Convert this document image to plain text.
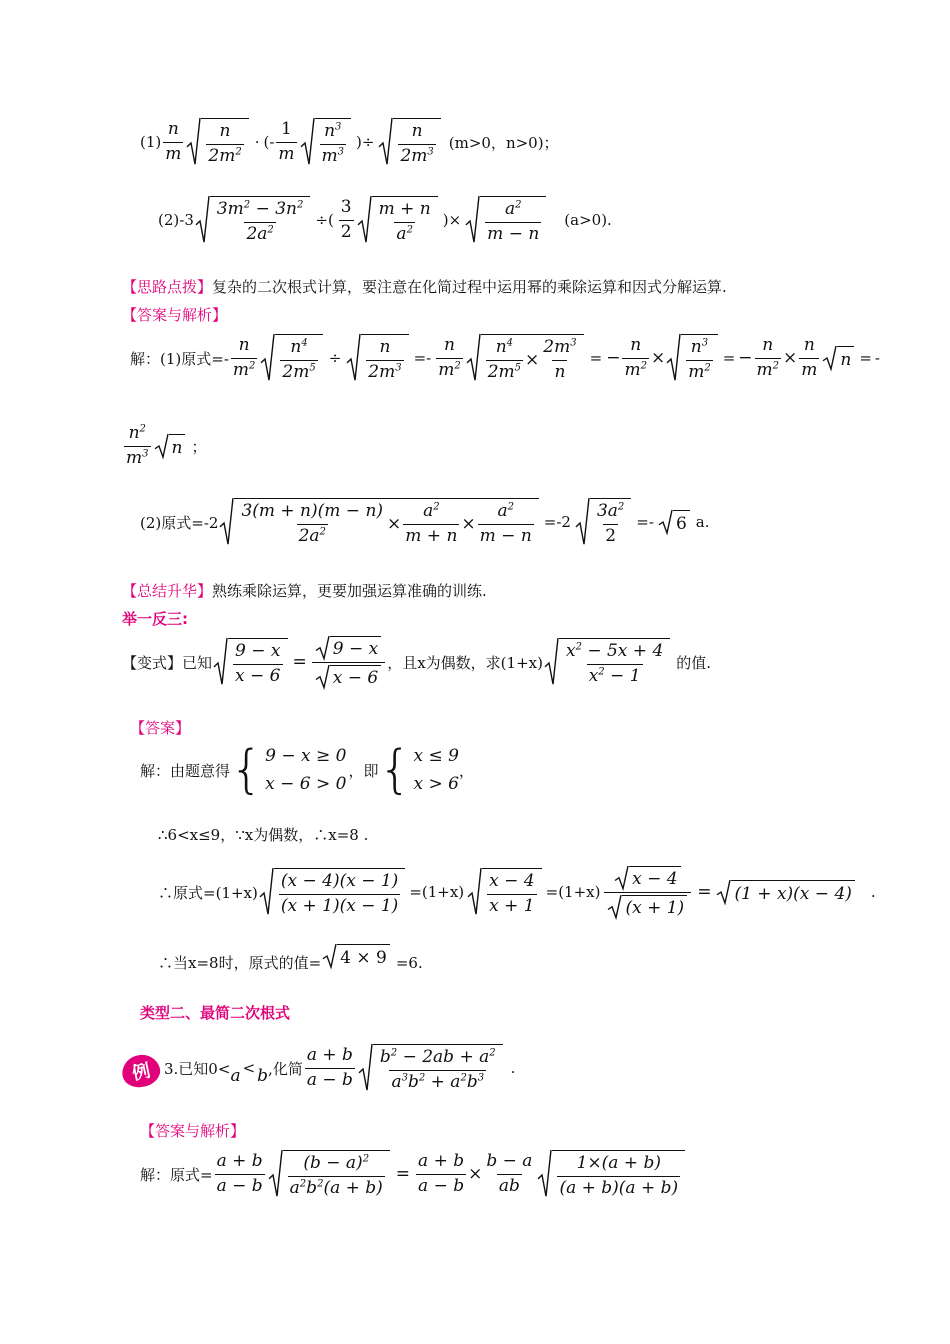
$(1) \frac{n}{m} \frac{n}{2m^2}$ · (- $\frac{1}{m} \frac{n^3}{m^3}$ )÷ $\frac{n}{2m^3} (m>0$，n>0)；
$(2)-3 \frac{3m^2 - 3n^2}{2a^2}$ ÷( $\frac{3}{2} \frac{m + n}{a^2}$ )× $\frac{a^2}{m - n} (a>0)$.
【思路点拨】 复杂的二次根式计算，要注意在化简过程中运用幂的乘除运算和因式分解运算.
【答案与解析】
解：(1)原式=- $\frac{n}{m^2} \frac{n^4}{2m^5} \div \frac{n}{2m^3} =- \frac{n}{m^2} \frac{n^4}{2m^5} \times \frac{2m^3}{n}$ = − $\frac{n}{m^2} \times \frac{n^3}{m^2}$ = − $\frac{n}{m^2} \times \frac{n}{m}$ n = -
$\frac{n^2}{m^3}$ n ；
(2)原式$=-2 \frac{3(m + n)(m - n)}{2a^2} \times \frac{a^2}{m + n} \times \frac{a^2}{m - n} =-2 \frac{3a^2}{2} =- 6$ a.
【总结升华】 熟练乘除运算，更要加强运算准确的训练.
举一反三:
【变式】 已知 $\frac{9 - x}{x - 6} = \frac{9 - x}{x - 6}$ ，且x为偶数，求$(1+x) \frac{x^2 - 5x + 4}{x^2 - 1}$ 的值.
【答案】
解：由题意得 { 9 − x ≥ 0
x − 6 > 0
，即 { x ≤ 9
x > 6
，
∴6<x≤9，∵x为偶数，∴x=8 .
∴原式$=(1+x) \frac{(x - 4)(x - 1)}{(x + 1)(x - 1)} =(1+x) \frac{x - 4}{x + 1} =(1+x) \frac{x - 4}{(x + 1)} = (1 + x)(x - 4)$ .
∴当x=8时，原式的值= 4 × 9 =6.
类型二、最简二次根式
例 3.已知0< a < b ,化简 $\frac{a + b}{a - b} \frac{b^2 - 2ab + a^2}{a^3b^2 + a^2b^3}$ .
【答案与解析】
解：原式= $\frac{a + b}{a - b} \frac{(b - a)^2}{a^2b^2(a + b)} = \frac{a + b}{a - b} \times \frac{b - a}{ab} \frac{1\times(a + b)}{(a + b)(a + b)}$
